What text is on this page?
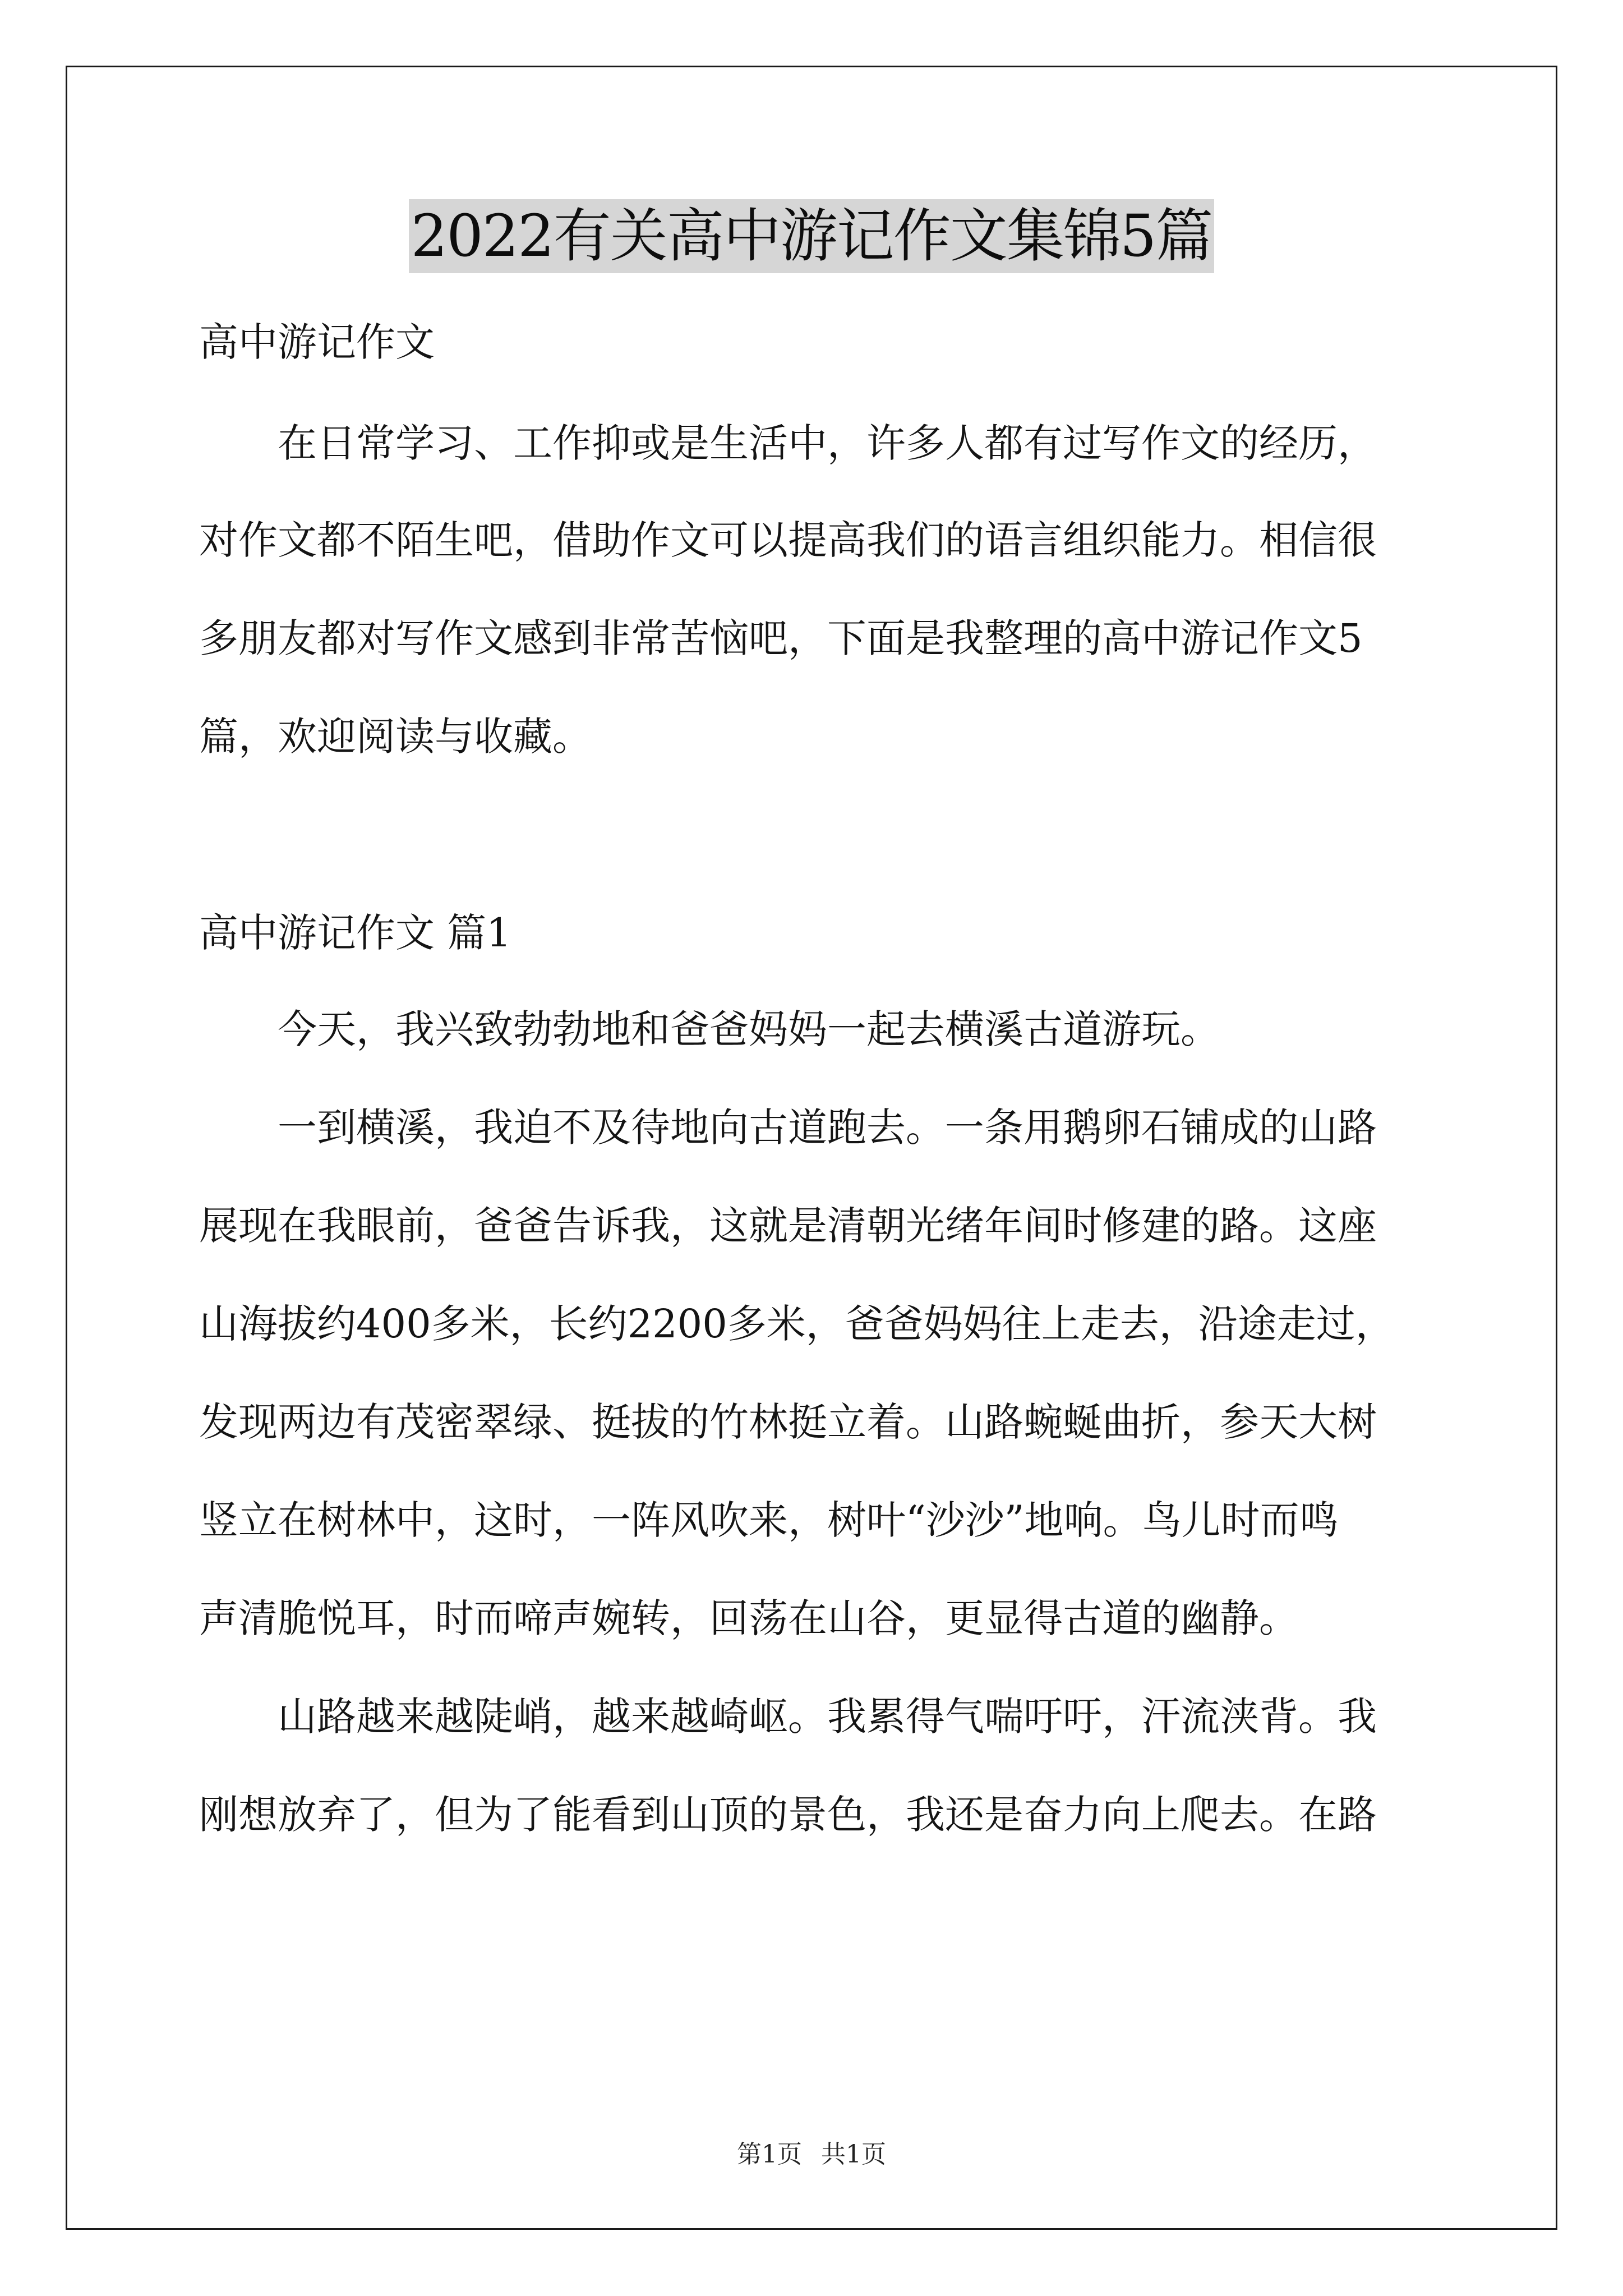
2022有关高中游记作文集锦5篇
高中游记作文
在日常学习、工作抑或是生活中，许多人都有过写作文的经历，
对作文都不陌生吧，借助作文可以提高我们的语言组织能力。相信很
多朋友都对写作文感到非常苦恼吧，下面是我整理的高中游记作文5
篇，欢迎阅读与收藏。
高中游记作文 篇1
今天，我兴致勃勃地和爸爸妈妈一起去横溪古道游玩。
一到横溪，我迫不及待地向古道跑去。一条用鹅卵石铺成的山路
展现在我眼前，爸爸告诉我，这就是清朝光绪年间时修建的路。这座
山海拔约400多米，长约2200多米，爸爸妈妈往上走去，沿途走过，
发现两边有茂密翠绿、挺拔的竹林挺立着。山路蜿蜒曲折，参天大树
竖立在树林中，这时，一阵风吹来，树叶“沙沙”地响。鸟儿时而鸣
声清脆悦耳，时而啼声婉转，回荡在山谷，更显得古道的幽静。
山路越来越陡峭，越来越崎岖。我累得气喘吁吁，汗流浃背。我
刚想放弃了，但为了能看到山顶的景色，我还是奋力向上爬去。在路
第1页 共1页
